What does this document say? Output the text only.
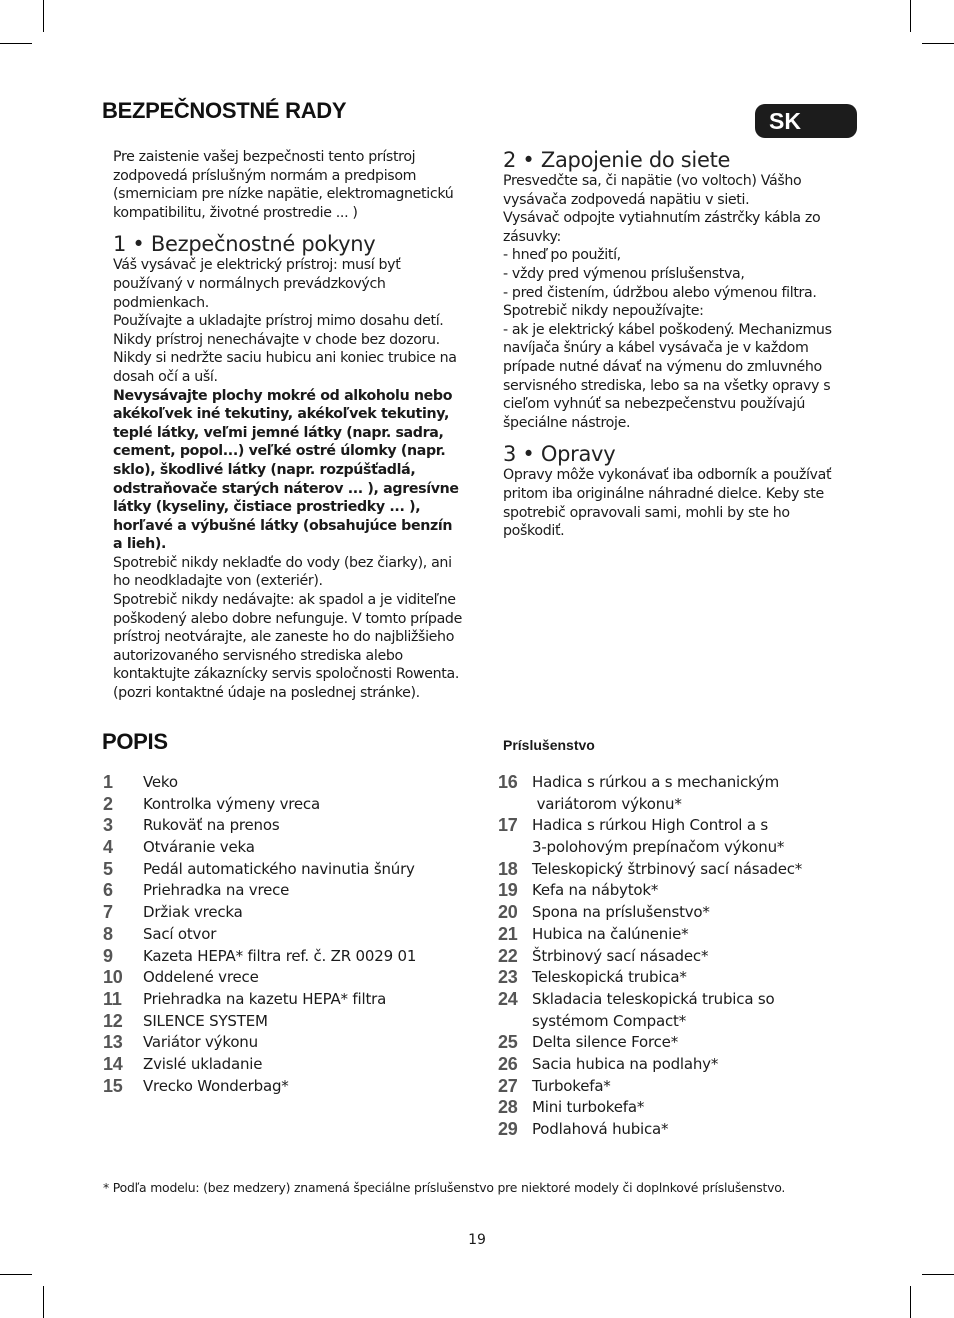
BEZPEČNOSTNÉ RADY	SK

Pre zaistenie vašej bezpečnosti tento prístroj zodpovedá príslušným normám a predpisom (smerniciam pre nízke napätie, elektromagnetickú kompatibilitu, životné prostredie ... )

1 • Bezpečnostné pokyny

Váš vysávač je elektrický prístroj: musí byť používaný v normálnych prevádzkových podmienkach.

Používajte a ukladajte prístroj mimo dosahu detí.

Nikdy prístroj nenechávajte v chode bez dozoru.

Nikdy si nedržte saciu hubicu ani koniec trubice na dosah očí a uší.

Nevysávajte plochy mokré od alkoholu nebo akékoľvek iné tekutiny, akékoľvek tekutiny, teplé látky, veľmi jemné látky (napr. sadra, cement, popol...) veľké ostré úlomky (napr. sklo), škodlivé látky (napr. rozpúšťadlá, odstraňovače starých náterov ... ), agresívne látky (kyseliny, čistiace prostriedky ... ), horľavé a výbušné látky (obsahujúce benzín a lieh).

Spotrebič nikdy nekladťe do vody (bez čiarky), ani ho neodkladajte von (exteriér).

Spotrebič nikdy nedávajte: ak spadol a je viditeľne poškodený alebo dobre nefunguje. V tomto prípade prístroj neotvárajte, ale zaneste ho do najbližšieho autorizovaného servisného strediska alebo kontaktujte zákaznícky servis spoločnosti Rowenta. (pozri kontaktné údaje na poslednej stránke).

2 • Zapojenie do siete

Presvedčte sa, či napätie (vo voltoch) Vášho vysávača zodpovedá napätiu v sieti.

Vysávač odpojte vytiahnutím zástrčky kábla zo zásuvky:

- hneď po použití,

- vždy pred výmenou príslušenstva,

- pred čistením, údržbou alebo výmenou filtra.

Spotrebič nikdy nepoužívajte:

- ak je elektrický kábel poškodený. Mechanizmus navíjača šnúry a kábel vysávača je v každom prípade nutné dávať na výmenu do zmluvného servisného strediska, lebo sa na všetky opravy s cieľom vyhnúť sa nebezpečenstvu používajú špeciálne nástroje.

3 • Opravy

Opravy môže vykonávať iba odborník a používať pritom iba originálne náhradné dielce. Keby ste spotrebič opravovali sami, mohli by ste ho poškodiť.

POPIS
1	Veko
2	Kontrolka výmeny vreca
3	Rukoväť na prenos
4	Otváranie veka
5	Pedál automatického navinutia šnúry
6	Priehradka na vrece
7	Držiak vrecka
8	Sací otvor
9	Kazeta HEPA* filtra ref. č. ZR 0029 01
10	Oddelené vrece
11	Priehradka na kazetu HEPA* filtra
12	SILENCE SYSTEM
13	Variátor výkonu
14	Zvislé ukladanie
15	Vrecko Wonderbag*
Príslušenstvo
16 Hadica s rúrkou a s mechanickým
variátorom výkonu*
17 Hadica s rúrkou High Control a s
3-polohovým prepínačom výkonu*
18 Teleskopický štrbinový sací násadec*
19 Kefa na nábytok*
20 Spona na príslušenstvo*
21 Hubica na čalúnenie*
22 Štrbinový sací násadec*
23 Teleskopická trubica*
24 Skladacia teleskopická trubica so
systémom Compact*
25 Delta silence Force*
26 Sacia hubica na podlahy*
27 Turbokefa*
28 Mini turbokefa*
29 Podlahová hubica*
* Podľa modelu: (bez medzery) znamená špeciálne príslušenstvo pre niektoré modely či doplnkové príslušenstvo.
19
